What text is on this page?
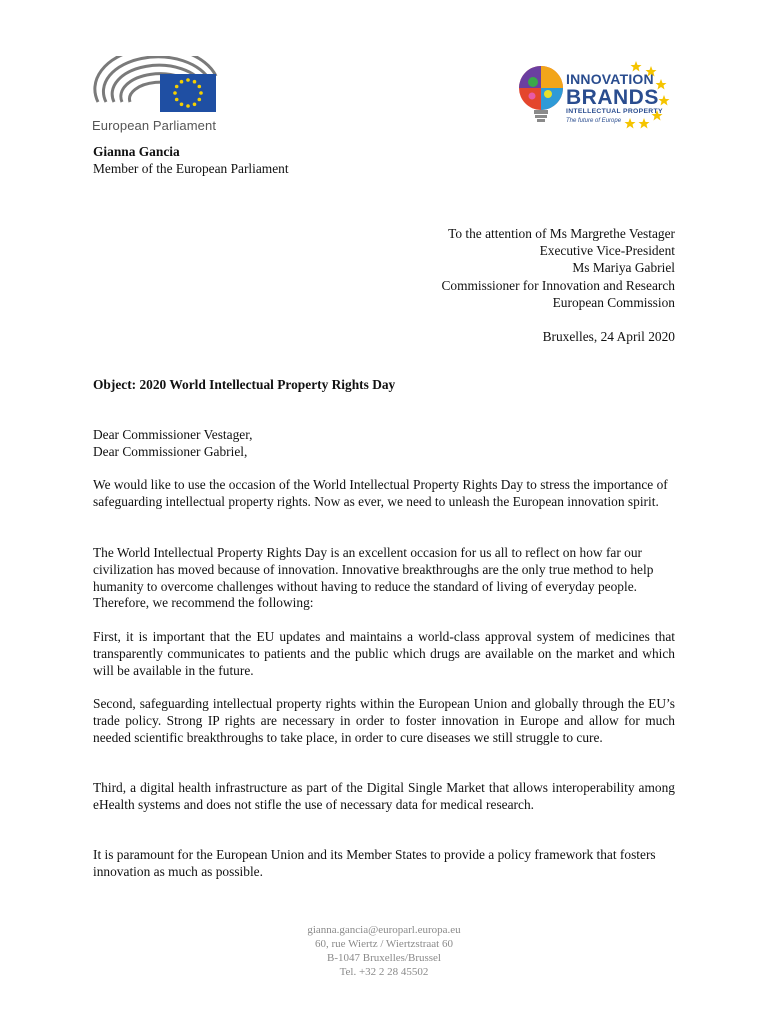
European Parliament
INNOVATION
BRANDS
INTELLECTUAL PROPERTY
The future of Europe
Gianna Gancia
Member of the European Parliament
To the attention of Ms Margrethe Vestager
Executive Vice-President
Ms Mariya Gabriel
Commissioner for Innovation and Research
European Commission
Bruxelles, 24 April 2020
Object: 2020 World Intellectual Property Rights Day
Dear Commissioner Vestager,
Dear Commissioner Gabriel,

We would like to use the occasion of the World Intellectual Property Rights Day to stress the importance of safeguarding intellectual property rights. Now as ever, we need to unleash the European innovation spirit.

The World Intellectual Property Rights Day is an excellent occasion for us all to reflect on how far our civilization has moved because of innovation. Innovative breakthroughs are the only true method to help humanity to overcome challenges without having to reduce the standard of living of everyday people. Therefore, we recommend the following:

First, it is important that the EU updates and maintains a world-class approval system of medicines that transparently communicates to patients and the public which drugs are available on the market and which will be available in the future.

Second, safeguarding intellectual property rights within the European Union and globally through the EU’s trade policy. Strong IP rights are necessary in order to foster innovation in Europe and allow for much needed scientific breakthroughs to take place, in order to cure diseases we still struggle to cure.

Third, a digital health infrastructure as part of the Digital Single Market that allows interoperability among eHealth systems and does not stifle the use of necessary data for medical research.

It is paramount for the European Union and its Member States to provide a policy framework that fosters innovation as much as possible.

gianna.gancia@europarl.europa.eu
60, rue Wiertz / Wiertzstraat 60
B-1047 Bruxelles/Brussel
Tel. +32 2 28 45502
